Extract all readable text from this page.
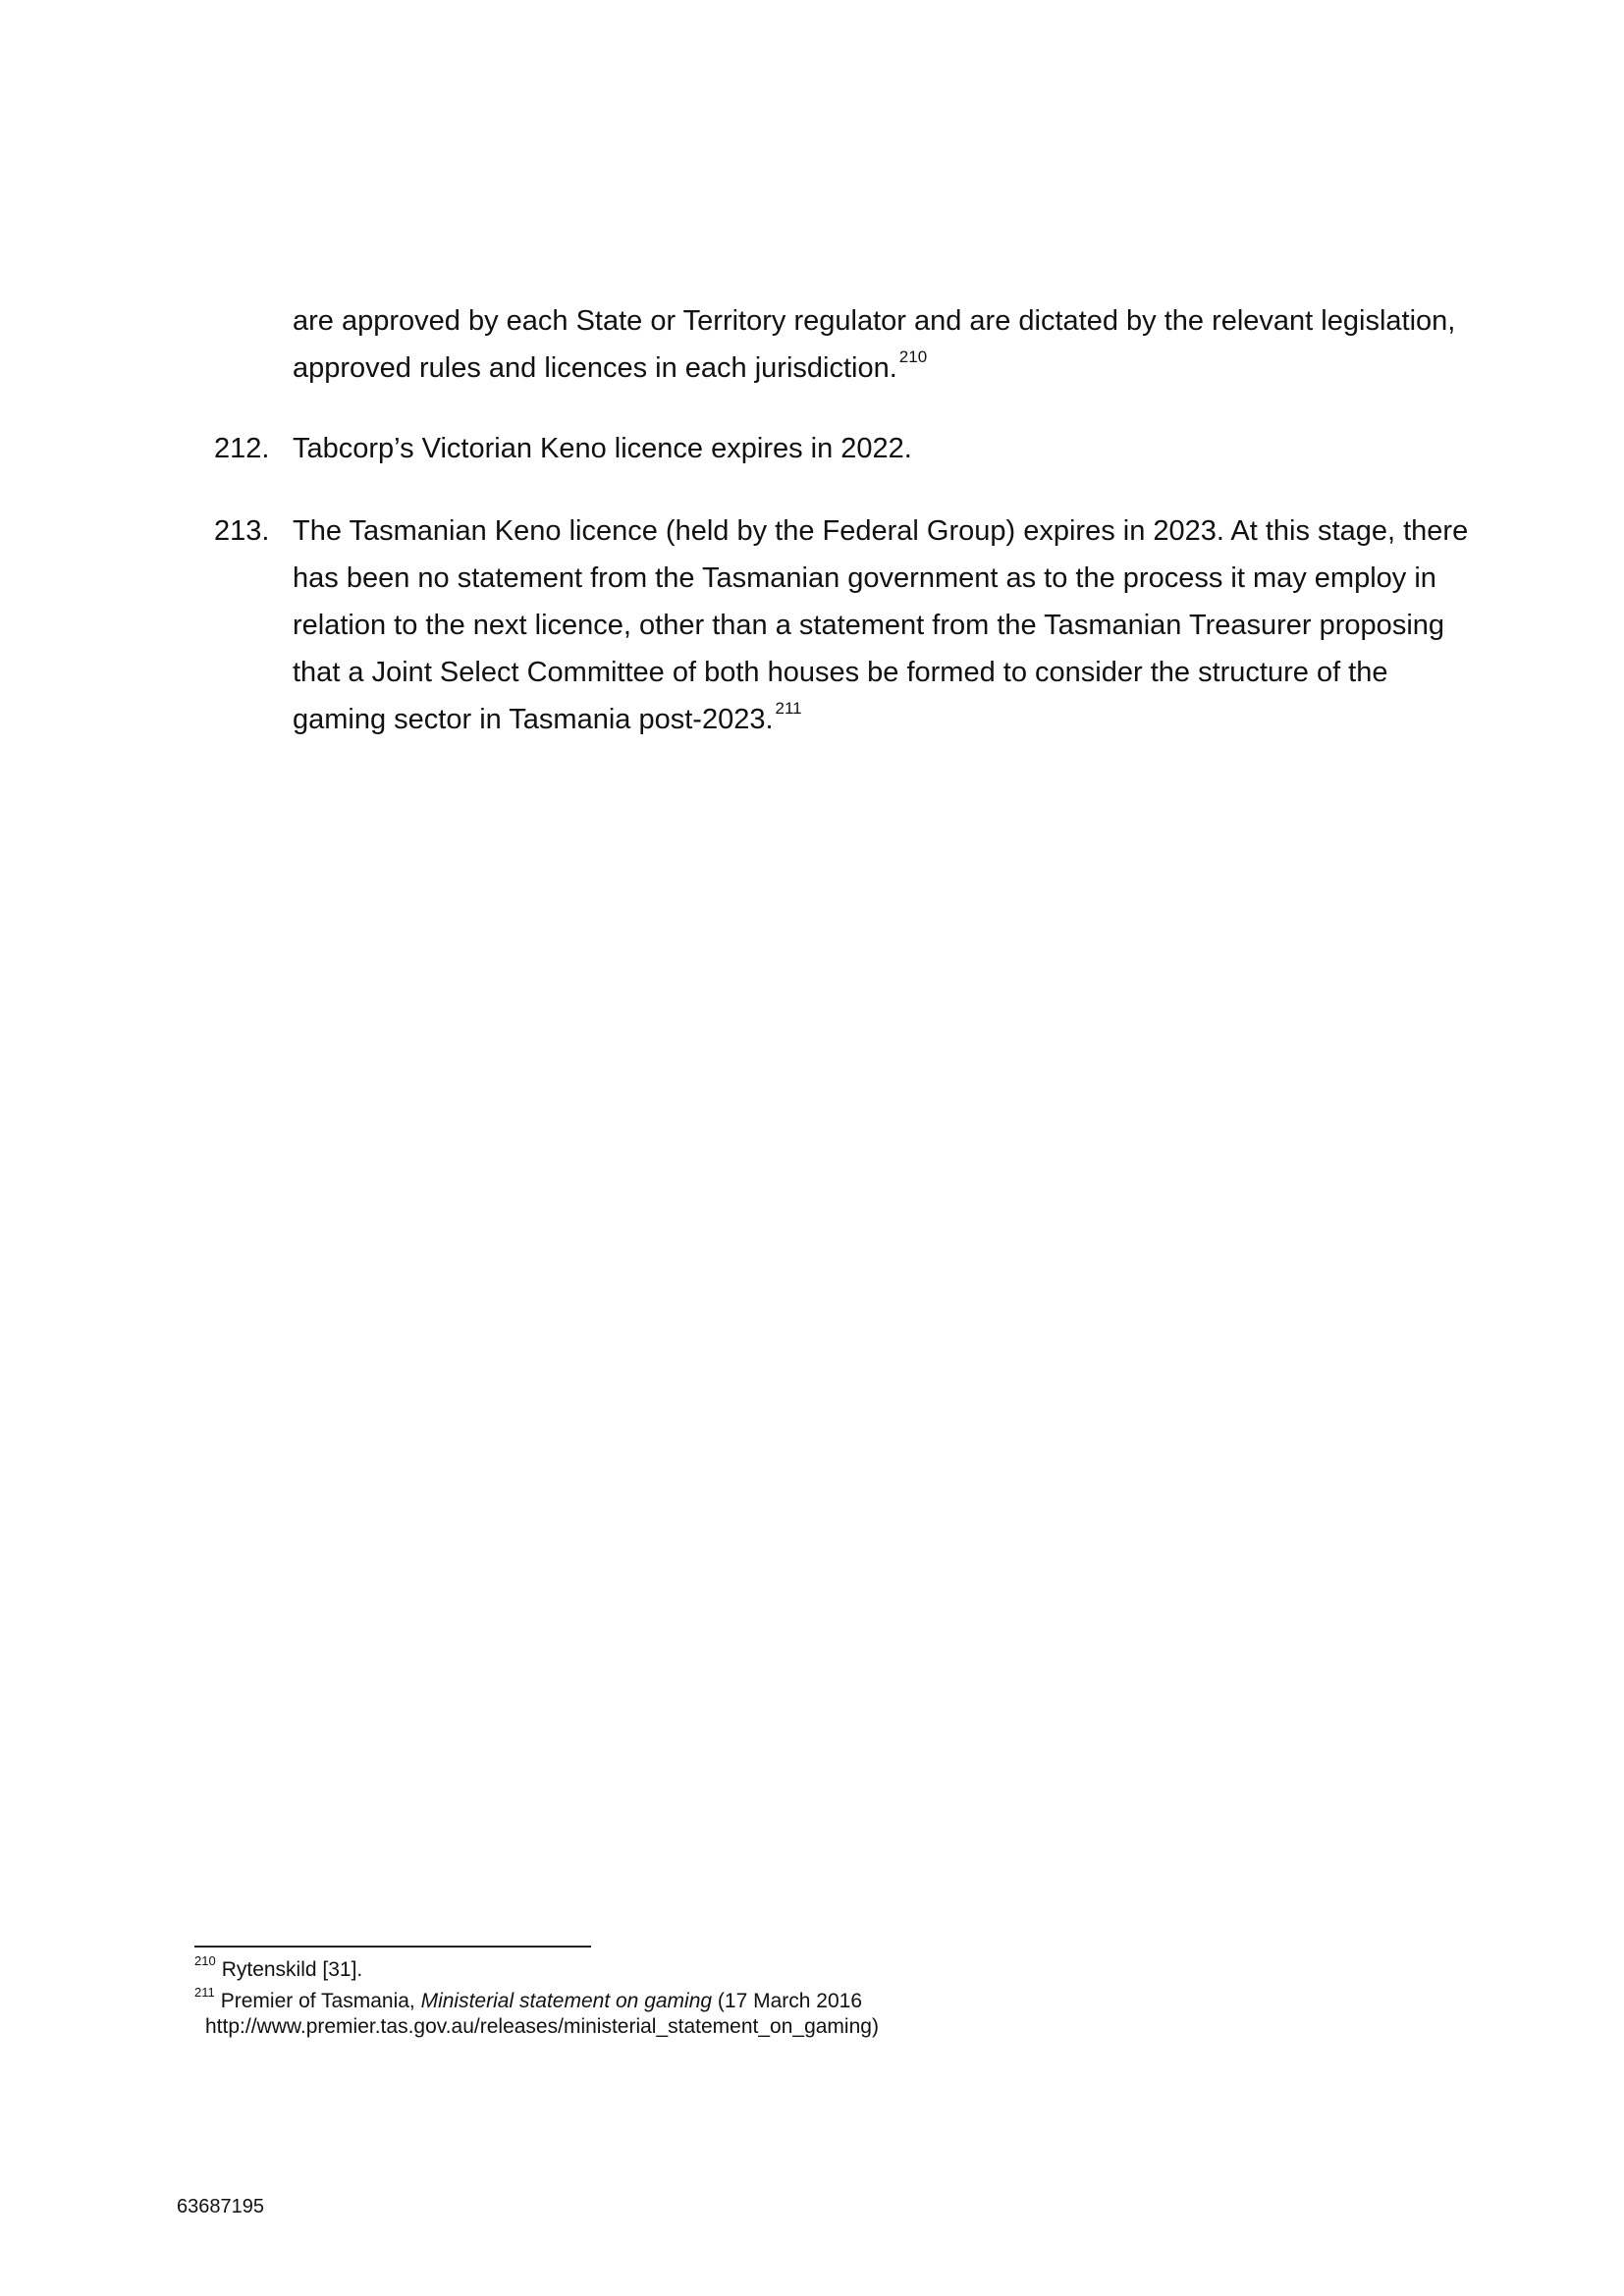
are approved by each State or Territory regulator and are dictated by the relevant legislation,
approved rules and licences in each jurisdiction. $^{210}$
212. Tabcorp’s Victorian Keno licence expires in 2022.
213. The Tasmanian Keno licence (held by the Federal Group) expires in 2023. At this stage, there
has been no statement from the Tasmanian government as to the process it may employ in
relation to the next licence, other than a statement from the Tasmanian Treasurer proposing
that a Joint Select Committee of both houses be formed to consider the structure of the
gaming sector in Tasmania post-2023. $^{211}$
$^{210}$ Rytenskild [31].
$^{211}$ Premier of Tasmania, Ministerial statement on gaming (17 March 2016
http://www.premier.tas.gov.au/releases/ministerial_statement_on_gaming)
63687195
